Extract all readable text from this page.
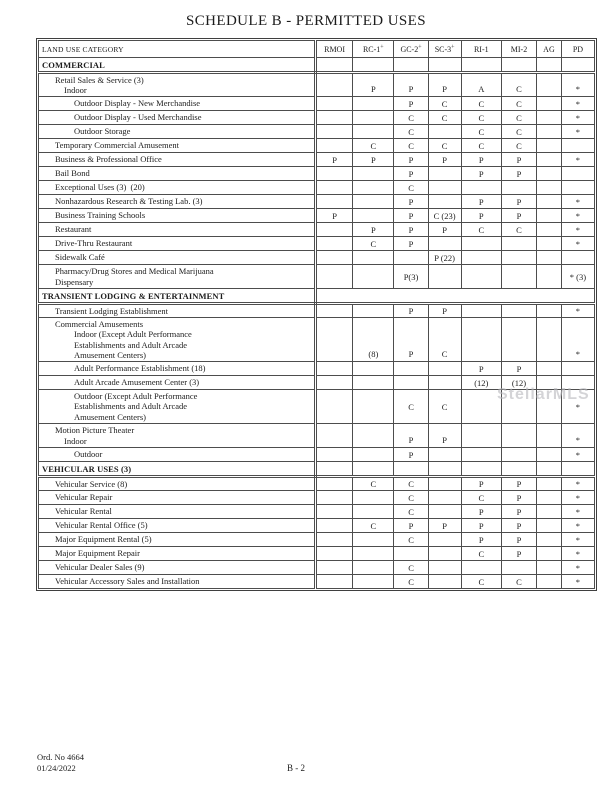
SCHEDULE B - PERMITTED USES
LAND USE CATEGORY	RMOI	RC-1+	GC-2+	SC-3+	RI-1	MI-2	AG	PD
COMMERCIAL								

Retail Sales & Service (3)
Indoor		P	P	P	A	C		*

Outdoor Display - New Merchandise			P	C	C	C		*

Outdoor Display - Used Merchandise			C	C	C	C		*

Outdoor Storage			C		C	C		*

Temporary Commercial Amusement		C	C	C	C	C		

Business & Professional Office	P	P	P	P	P	P		*

Bail Bond			P		P	P		

Exceptional Uses (3)  (20)			C					

Nonhazardous Research & Testing Lab. (3)			P		P	P		*

Business Training Schools	P		P	C (23)	P	P		*

Restaurant		P	P	P	C	C		*

Drive-Thru Restaurant		C	P					*

Sidewalk Café				P (22)				

Pharmacy/Drug Stores and Medical Marijuana
Dispensary			P(3)					* (3)
TRANSIENT LODGING & ENTERTAINMENT								

Transient Lodging Establishment			P	P				*

Commercial Amusements
Indoor (Except Adult Performance
Establishments and Adult Arcade
Amusement Centers)		(8)	P	C				*

Adult Performance Establishment (18)					P	P		

Adult Arcade Amusement Center (3)					(12)	(12)		

Outdoor (Except Adult Performance
Establishments and Adult Arcade
Amusement Centers)			C	C				*

Motion Picture Theater
Indoor			P	P				*

Outdoor			P					*
VEHICULAR USES (3)								

Vehicular Service (8)		C	C		P	P		*

Vehicular Repair			C		C	P		*

Vehicular Rental			C		P	P		*

Vehicular Rental Office (5)		C	P	P	P	P		*

Major Equipment Rental (5)			C		P	P		*

Major Equipment Repair					C	P		*

Vehicular Dealer Sales (9)			C					*

Vehicular Accessory Sales and Installation			C		C	C		*
StellarMLS
Ord. No 4664
01/24/2022	B - 2
